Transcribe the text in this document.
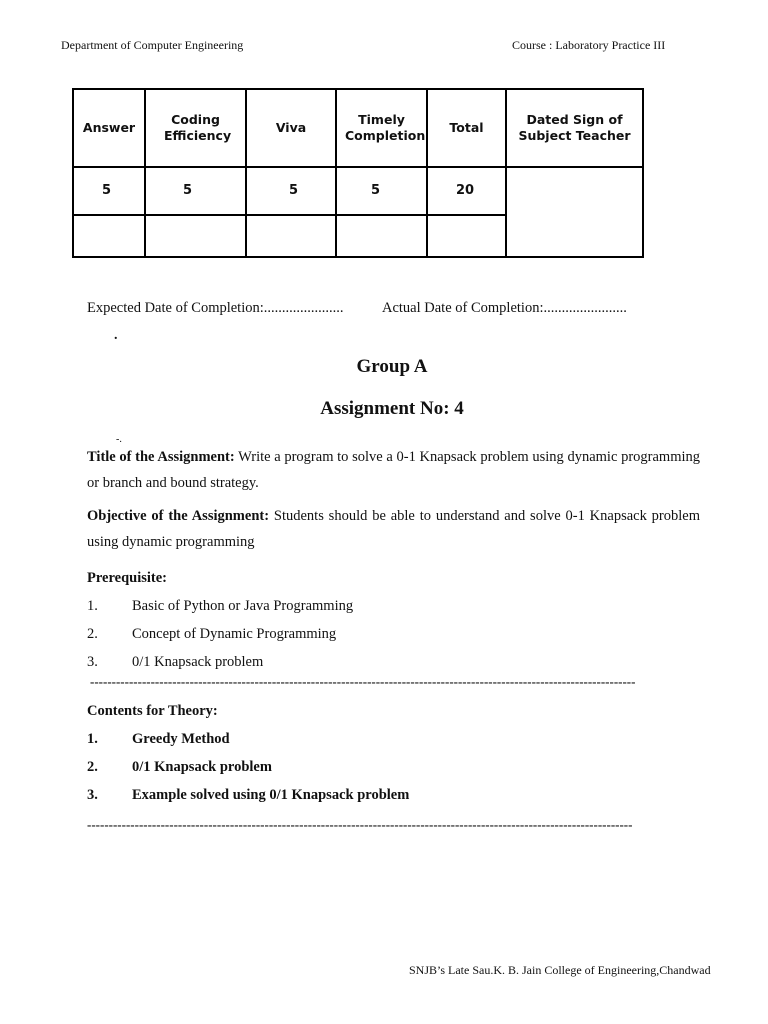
Department of Computer Engineering	Course : Laboratory Practice III
Answer	Coding Efficiency	Viva	Timely Completion	Total	Dated Sign of Subject Teacher
5	5	5	5	20	

Expected Date of Completion:......................	Actual Date of Completion:.......................
.
Group A
Assignment No: 4
-.
Title of the Assignment: Write a program to solve a 0-1 Knapsack problem using dynamic programming or branch and bound strategy.
Objective of the Assignment: Students should be able to understand and solve 0-1 Knapsack problem using dynamic programming
Prerequisite:
1. Basic of Python or Java Programming
2. Concept of Dynamic Programming
3. 0/1 Knapsack problem
------------------------------------------------------------------------------------------------------------------------------
Contents for Theory:
1. Greedy Method
2. 0/1 Knapsack problem
3. Example solved using 0/1 Knapsack problem
------------------------------------------------------------------------------------------------------------------------------
SNJB’s Late Sau.K. B. Jain College of Engineering,Chandwad
